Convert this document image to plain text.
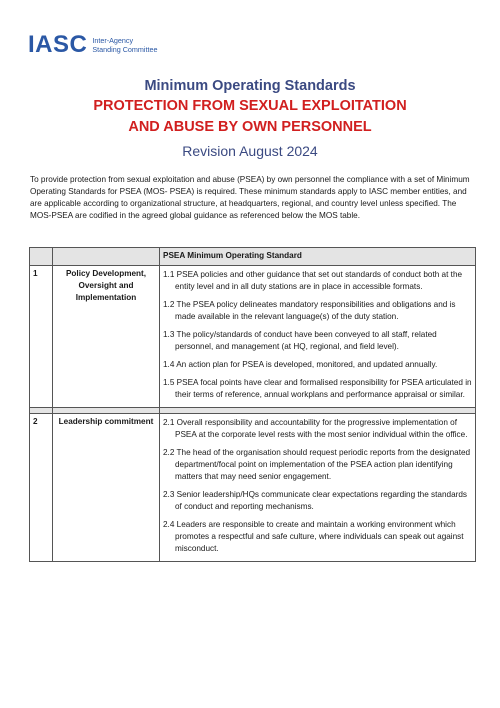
IASC Inter-Agency
Standing Committee
Minimum Operating Standards
PROTECTION FROM SEXUAL EXPLOITATION
AND ABUSE BY OWN PERSONNEL
Revision August 2024
To provide protection from sexual exploitation and abuse (PSEA) by own personnel the compliance with a set of Minimum Operating Standards for PSEA (MOS- PSEA) is required. These minimum standards apply to IASC member entities, and are applicable according to organizational structure, at headquarters, regional, and country level unless specified. The MOS-PSEA are codified in the agreed global guidance as referenced below the MOS table.
		PSEA Minimum Operating Standard
1	Policy Development, Oversight and Implementation	1.1 PSEA policies and other guidance that set out standards of conduct both at the entity level and in all duty stations are in place in accessible formats.

1.2 The PSEA policy delineates mandatory responsibilities and obligations and is made available in the relevant language(s) of the duty station.

1.3 The policy/standards of conduct have been conveyed to all staff, related personnel, and management (at HQ, regional, and field level).

1.4 An action plan for PSEA is developed, monitored, and updated annually.

1.5 PSEA focal points have clear and formalised responsibility for PSEA articulated in their terms of reference, annual workplans and performance appraisal or similar.

2	Leadership commitment	2.1 Overall responsibility and accountability for the progressive implementation of PSEA at the corporate level rests with the most senior individual within the office.

2.2 The head of the organisation should request periodic reports from the designated department/focal point on implementation of the PSEA action plan identifying matters that may need senior engagement.

2.3 Senior leadership/HQs communicate clear expectations regarding the standards of conduct and reporting mechanisms.

2.4 Leaders are responsible to create and maintain a working environment which promotes a respectful and safe culture, where individuals can speak out against misconduct.
